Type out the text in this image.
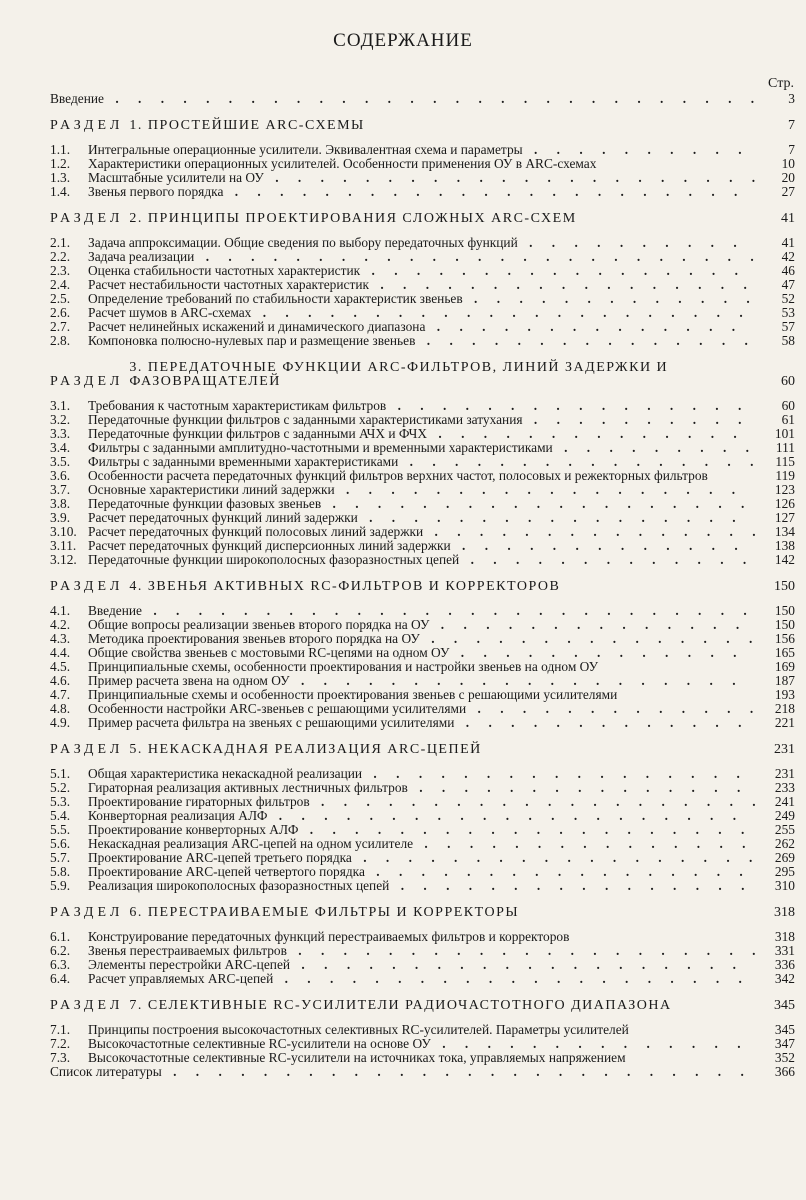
СОДЕРЖАНИЕ
Стр.
Введение . . .	3
РАЗДЕЛ 1. ПРОСТЕЙШИЕ ARC-СХЕМЫ	7
1.1.	Интегральные операционные усилители. Эквивалентная схема и параметры . . .	7
1.2.	Характеристики операционных усилителей. Особенности применения ОУ в ARC-схемах	10
1.3.	Масштабные усилители на ОУ . . .	20
1.4.	Звенья первого порядка . . .	27
РАЗДЕЛ 2. ПРИНЦИПЫ ПРОЕКТИРОВАНИЯ СЛОЖНЫХ ARC-СХЕМ	41
2.1.	Задача аппроксимации. Общие сведения по выбору передаточных функций . . .	41
2.2.	Задача реализации . . .	42
2.3.	Оценка стабильности частотных характеристик . . .	46
2.4.	Расчет нестабильности частотных характеристик . . .	47
2.5.	Определение требований по стабильности характеристик звеньев . . .	52
2.6.	Расчет шумов в ARC-схемах . . .	53
2.7.	Расчет нелинейных искажений и динамического диапазона . . .	57
2.8.	Компоновка полюсно-нулевых пар и размещение звеньев . . .	58
РАЗДЕЛ
3. ПЕРЕДАТОЧНЫЕ ФУНКЦИИ ARC-ФИЛЬТРОВ, ЛИНИЙ ЗАДЕРЖКИ И ФАЗОВРАЩАТЕЛЕЙ	60
3.1.	Требования к частотным характеристикам фильтров . . .	60
3.2.	Передаточные функции фильтров с заданными характеристиками затухания . . .	61
3.3.	Передаточные функции фильтров с заданными АЧХ и ФЧХ . . .	101
3.4.	Фильтры с заданными амплитудно-частотными и временными характеристиками . . .	111
3.5.	Фильтры с заданными временными характеристиками . . .	115
3.6.	Особенности расчета передаточных функций фильтров верхних частот, полосовых и режекторных фильтров	119
3.7.	Основные характеристики линий задержки . . .	123
3.8.	Передаточные функции фазовых звеньев . . .	126
3.9.	Расчет передаточных функций линий задержки . . .	127
3.10. Расчет передаточных функций полосовых линий задержки . . .	134
3.11. Расчет передаточных функций дисперсионных линий задержки . . .	138
3.12. Передаточные функции широкополосных фазоразностных цепей . . .	142
РАЗДЕЛ 4. ЗВЕНЬЯ АКТИВНЫХ RC-ФИЛЬТРОВ И КОРРЕКТОРОВ	150
4.1.	Введение . . .	150
4.2.	Общие вопросы реализации звеньев второго порядка на ОУ . . .	150
4.3.	Методика проектирования звеньев второго порядка на ОУ . . .	156
4.4.	Общие свойства звеньев с мостовыми RC-цепями на одном ОУ . . .	165
4.5.	Принципиальные схемы, особенности проектирования и настройки звеньев на одном ОУ	169
4.6.	Пример расчета звена на одном ОУ . . .	187
4.7.	Принципиальные схемы и особенности проектирования звеньев с решающими усилителями	193
4.8.	Особенности настройки ARC-звеньев с решающими усилителями . . .	218
4.9.	Пример расчета фильтра на звеньях с решающими усилителями . . .	221
РАЗДЕЛ 5. НЕКАСКАДНАЯ РЕАЛИЗАЦИЯ ARC-ЦЕПЕЙ	231
5.1.	Общая характеристика некаскадной реализации . . .	231
5.2.	Гираторная реализация активных лестничных фильтров . . .	233
5.3.	Проектирование гираторных фильтров . . .	241
5.4.	Конверторная реализация АЛФ . . .	249
5.5.	Проектирование конверторных АЛФ . . .	255
5.6.	Некаскадная реализация ARC-цепей на одном усилителе . . .	262
5.7.	Проектирование ARC-цепей третьего порядка . . .	269
5.8.	Проектирование ARC-цепей четвертого порядка . . .	295
5.9.	Реализация широкополосных фазоразностных цепей . . .	310
РАЗДЕЛ 6. ПЕРЕСТРАИВАЕМЫЕ ФИЛЬТРЫ И КОРРЕКТОРЫ	318
6.1.	Конструирование передаточных функций перестраиваемых фильтров и корректоров	318
6.2.	Звенья перестраиваемых фильтров . . .	331
6.3.	Элементы перестройки ARC-цепей . . .	336
6.4.	Расчет управляемых ARC-цепей . . .	342
РАЗДЕЛ 7. СЕЛЕКТИВНЫЕ RC-УСИЛИТЕЛИ РАДИОЧАСТОТНОГО ДИАПАЗОНА	345
7.1.	Принципы построения высокочастотных селективных RC-усилителей. Параметры усилителей	345
7.2.	Высокочастотные селективные RC-усилители на основе ОУ . . .	347
7.3.	Высокочастотные селективные RC-усилители на источниках тока, управляемых напряжением	352
Список литературы . . .	366
